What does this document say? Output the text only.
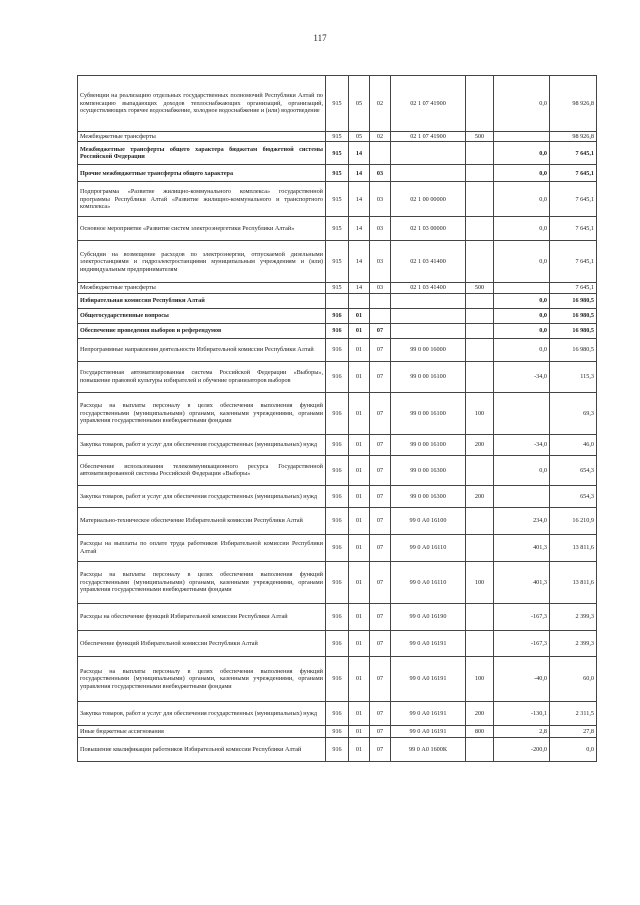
117
Субвенции на реализацию отдельных государственных полномочий Республики Алтай по компенсацию выпадающих доходов теплоснабжающих организаций, организаций, осуществляющих горячее водоснабжение, холодное водоснабжение и (или) водоотведение	915	05	02	02 1 07 41900		0,0	98 926,8
Межбюджетные трансферты	915	05	02	02 1 07 41900	500		98 926,8
Межбюджетные трансферты общего характера бюджетам бюджетной системы Российской Федерации	915	14				0,0	7 645,1
Прочие межбюджетные трансферты общего характера	915	14	03			0,0	7 645,1
Подпрограмма «Развитие жилищно-коммунального комплекса» государственной программы Республики Алтай «Развитие жилищно-коммунального и транспортного комплекса»	915	14	03	02 1 00 00000		0,0	7 645,1
Основное мероприятие «Развитие систем электроэнергетики Республики Алтай»	915	14	03	02 1 03 00000		0,0	7 645,1
Субсидии на возмещение расходов по электроэнергии, отпускаемой дизельными электростанциями и гидроэлектростанциями муниципальным учреждениям и (или) индивидуальным предпринимателям	915	14	03	02 1 03 41400		0,0	7 645,1
Межбюджетные трансферты	915	14	03	02 1 03 41400	500		7 645,1
Избирательная комиссия Республики Алтай						0,0	16 980,5
Общегосударственные вопросы	916	01				0,0	16 980,5
Обеспечение проведения выборов и референдумов	916	01	07			0,0	16 980,5
Непрограммные направления деятельности Избирательной комиссии Республики Алтай	916	01	07	99 0 00 16000		0,0	16 980,5
Государственная автоматизированная система Российской Федерации «Выборы», повышение правовой культуры избирателей и обучение организаторов выборов	916	01	07	99 0 00 16100		-34,0	115,3
Расходы на выплаты персоналу в целях обеспечения выполнения функций государственными (муниципальными) органами, казенными учреждениями, органами управления государственными внебюджетными фондами	916	01	07	99 0 00 16100	100		69,3
Закупка товаров, работ и услуг для обеспечения государственных (муниципальных) нужд	916	01	07	99 0 00 16100	200	-34,0	46,0
Обеспечение использования телекоммуникационного ресурса Государственной автоматизированной системы Российской Федерации «Выборы»	916	01	07	99 0 00 16300		0,0	654,3
Закупка товаров, работ и услуг для обеспечения государственных (муниципальных) нужд	916	01	07	99 0 00 16300	200		654,3
Материально-техническое обеспечение Избирательной комиссии Республики Алтай	916	01	07	99 0 А0 16100		234,0	16 210,9
Расходы на выплаты по оплате труда работников Избирательной комиссии Республики Алтай	916	01	07	99 0 А0 16110		401,3	13 811,6
Расходы на выплаты персоналу в целях обеспечения выполнения функций государственными (муниципальными) органами, казенными учреждениями, органами управления государственными внебюджетными фондами	916	01	07	99 0 А0 16110	100	401,3	13 811,6
Расходы на обеспечение функций Избирательной комиссии Республики Алтай	916	01	07	99 0 А0 16190		-167,3	2 399,3
Обеспечение функций Избирательной комиссии Республики Алтай	916	01	07	99 0 А0 16191		-167,3	2 399,3
Расходы на выплаты персоналу в целях обеспечения выполнения функций государственными (муниципальными) органами, казенными учреждениями, органами управления государственными внебюджетными фондами	916	01	07	99 0 А0 16191	100	-40,0	60,0
Закупка товаров, работ и услуг для обеспечения государственных (муниципальных) нужд	916	01	07	99 0 А0 16191	200	-130,1	2 311,5
Иные бюджетные ассигнования	916	01	07	99 0 А0 16191	800	2,8	27,8
Повышение квалификации работников Избирательной комиссии Республики Алтай	916	01	07	99 0 А0 1600К		-200,0	0,0
